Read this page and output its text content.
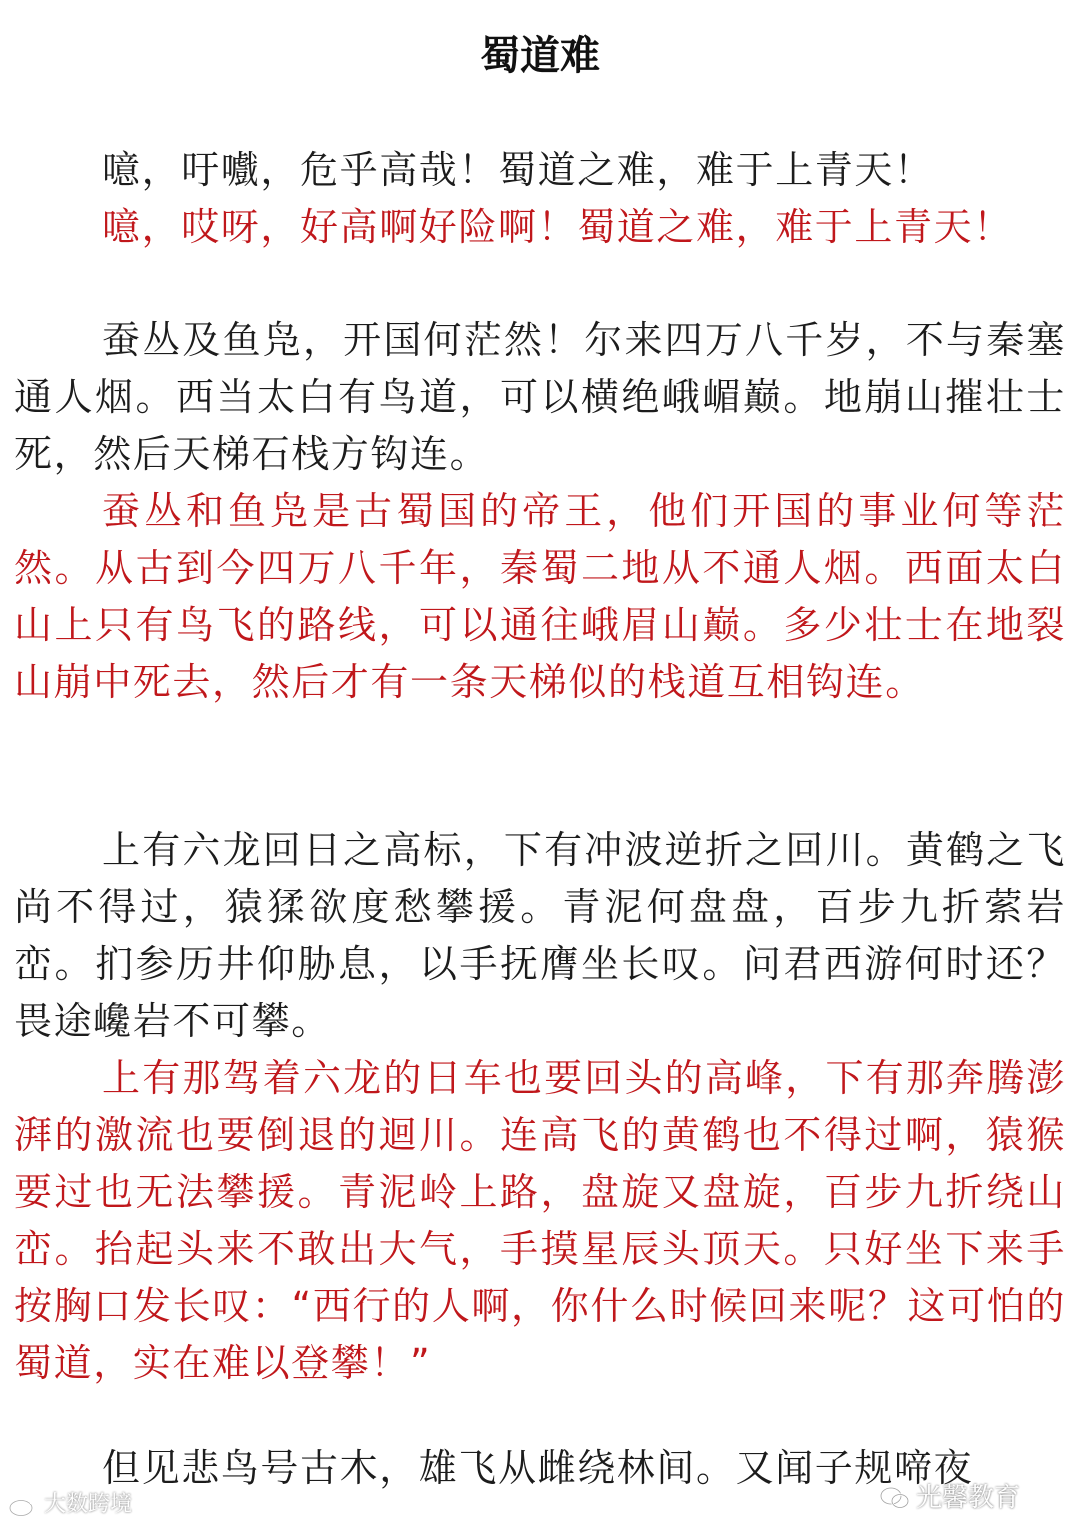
蜀道难

噫，吁嚱，危乎高哉！蜀道之难，难于上青天！

噫，哎呀，好高啊好险啊！蜀道之难，难于上青天！

蚕丛及鱼凫，开国何茫然！尔来四万八千岁，不与秦塞通人烟。西当太白有鸟道，可以横绝峨嵋巅。地崩山摧壮士死，然后天梯石栈方钩连。

蚕丛和鱼凫是古蜀国的帝王，他们开国的事业何等茫然。从古到今四万八千年，秦蜀二地从不通人烟。西面太白山上只有鸟飞的路线，可以通往峨眉山巅。多少壮士在地裂山崩中死去，然后才有一条天梯似的栈道互相钩连。

上有六龙回日之高标，下有冲波逆折之回川。黄鹤之飞尚不得过，猿猱欲度愁攀援。青泥何盘盘，百步九折萦岩峦。扪参历井仰胁息，以手抚膺坐长叹。问君西游何时还？畏途巉岩不可攀。

上有那驾着六龙的日车也要回头的高峰，下有那奔腾澎湃的激流也要倒退的迴川。连高飞的黄鹤也不得过啊，猿猴要过也无法攀援。青泥岭上路，盘旋又盘旋，百步九折绕山峦。抬起头来不敢出大气，手摸星辰头顶天。只好坐下来手按胸口发长叹：“西行的人啊，你什么时候回来呢？这可怕的蜀道，实在难以登攀！”

但见悲鸟号古木，雄飞从雌绕林间。又闻子规啼夜

大数跨境	光馨教育
